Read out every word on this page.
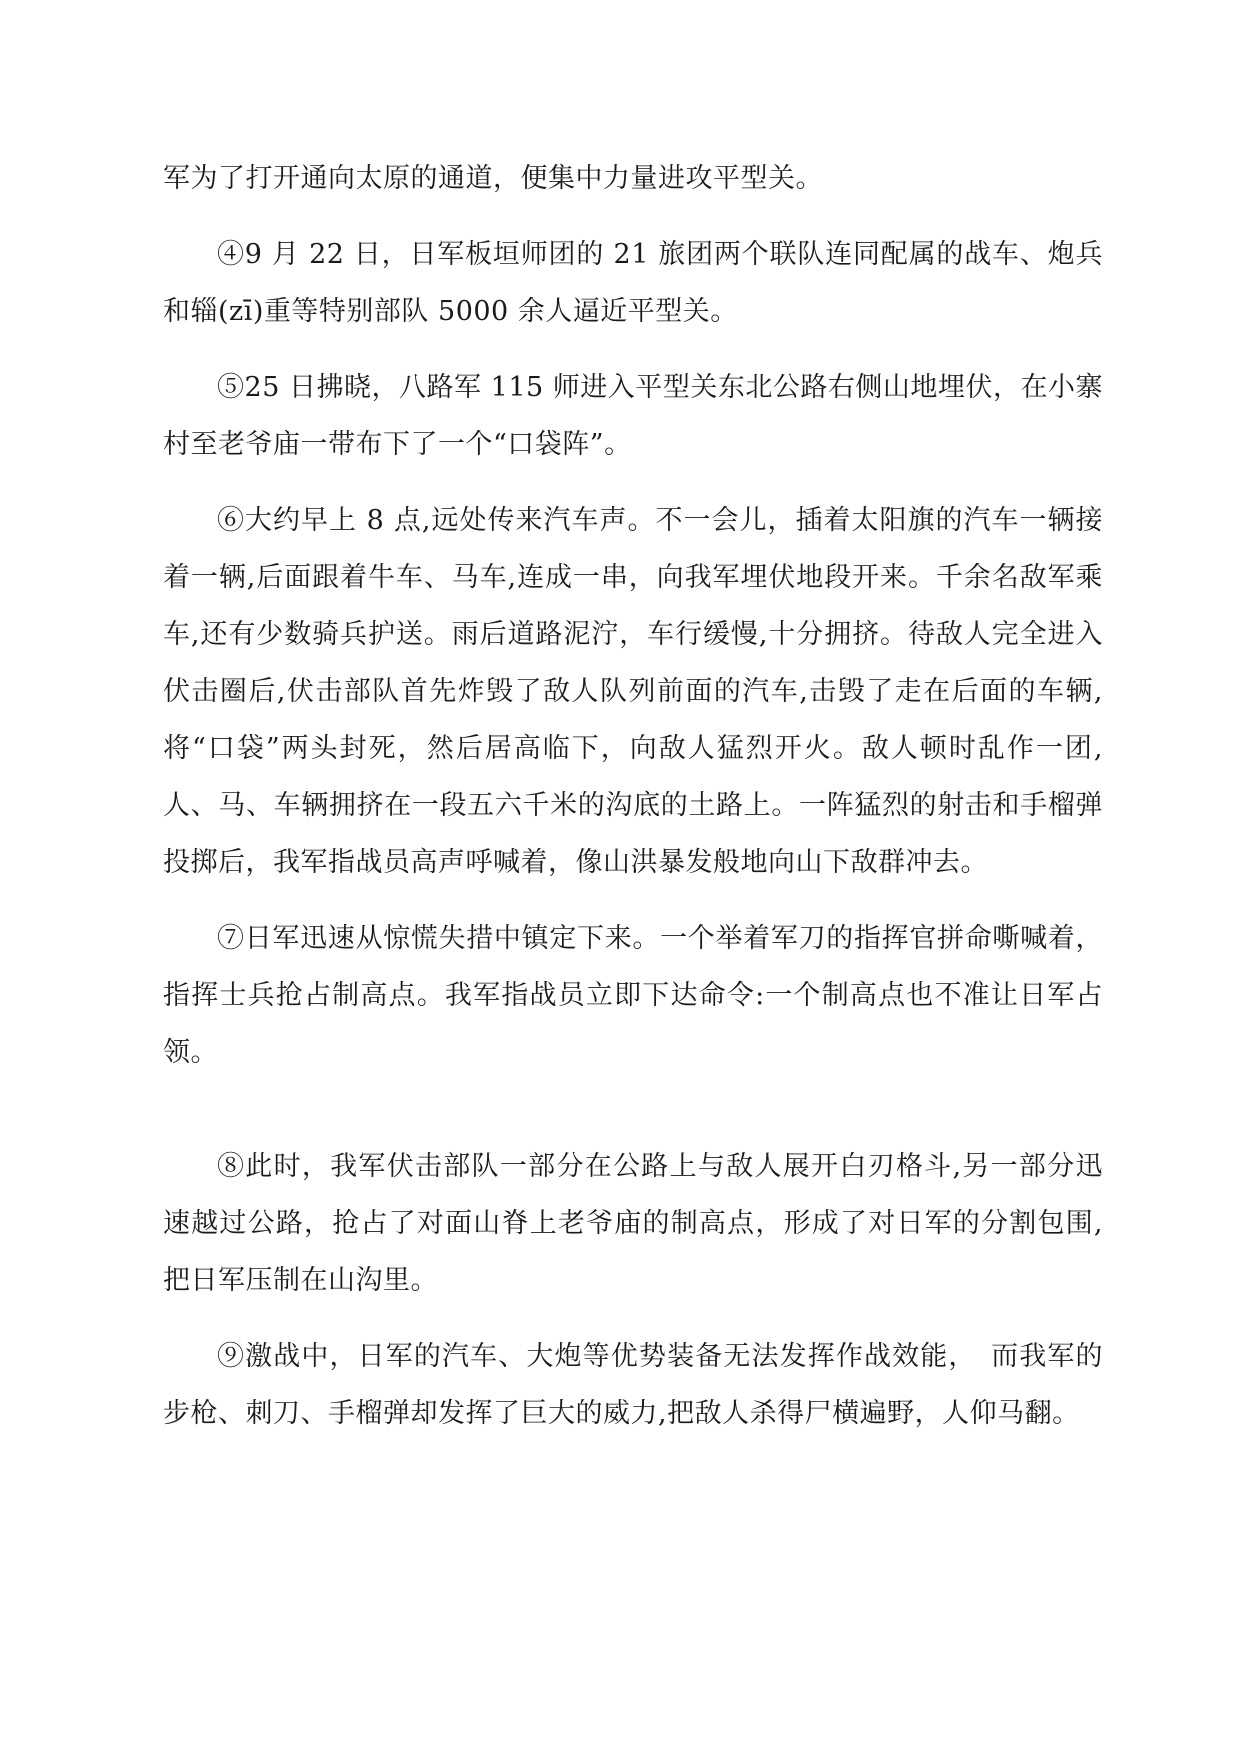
军为了打开通向太原的通道，便集中力量进攻平型关。

④9 月 22 日，日军板垣师团的 21 旅团两个联队连同配属的战车、炮兵和辎(zī)重等特别部队 5000 余人逼近平型关。

⑤25 日拂晓，八路军 115 师进入平型关东北公路右侧山地埋伏，在小寨村至老爷庙一带布下了一个“口袋阵”。

⑥大约早上 8 点,远处传来汽车声。不一会儿，插着太阳旗的汽车一辆接着一辆,后面跟着牛车、马车,连成一串，向我军埋伏地段开来。千余名敌军乘车,还有少数骑兵护送。雨后道路泥泞，车行缓慢,十分拥挤。待敌人完全进入伏击圈后,伏击部队首先炸毁了敌人队列前面的汽车,击毁了走在后面的车辆,将“口袋”两头封死，然后居高临下，向敌人猛烈开火。敌人顿时乱作一团,人、马、车辆拥挤在一段五六千米的沟底的土路上。一阵猛烈的射击和手榴弹投掷后，我军指战员高声呼喊着，像山洪暴发般地向山下敌群冲去。

⑦日军迅速从惊慌失措中镇定下来。一个举着军刀的指挥官拼命嘶喊着，指挥士兵抢占制高点。我军指战员立即下达命令:一个制高点也不准让日军占领。

⑧此时，我军伏击部队一部分在公路上与敌人展开白刃格斗,另一部分迅速越过公路，抢占了对面山脊上老爷庙的制高点，形成了对日军的分割包围,把日军压制在山沟里。

⑨激战中，日军的汽车、大炮等优势装备无法发挥作战效能，　而我军的步枪、刺刀、手榴弹却发挥了巨大的威力,把敌人杀得尸横遍野，人仰马翻。
